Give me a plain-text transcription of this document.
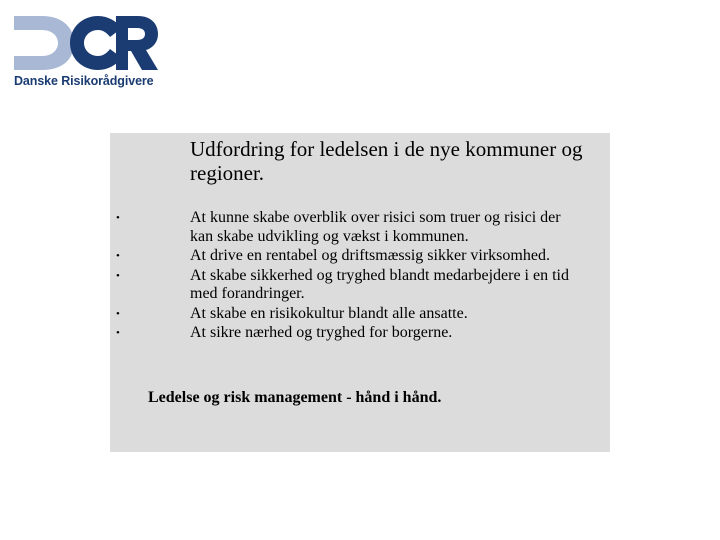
Danske Risikorådgivere
Udfordring for ledelsen i de nye kommuner og regioner.
•	At kunne skabe overblik over risici som truer og risici der kan skabe udvikling og vækst i kommunen.
•	At drive en rentabel og driftsmæssig sikker virksomhed.
•	At skabe sikkerhed og tryghed blandt medarbejdere i en tid med forandringer.
•	At skabe en risikokultur blandt alle ansatte.
•	At sikre nærhed og tryghed for borgerne.
Ledelse og risk management - hånd i hånd.
